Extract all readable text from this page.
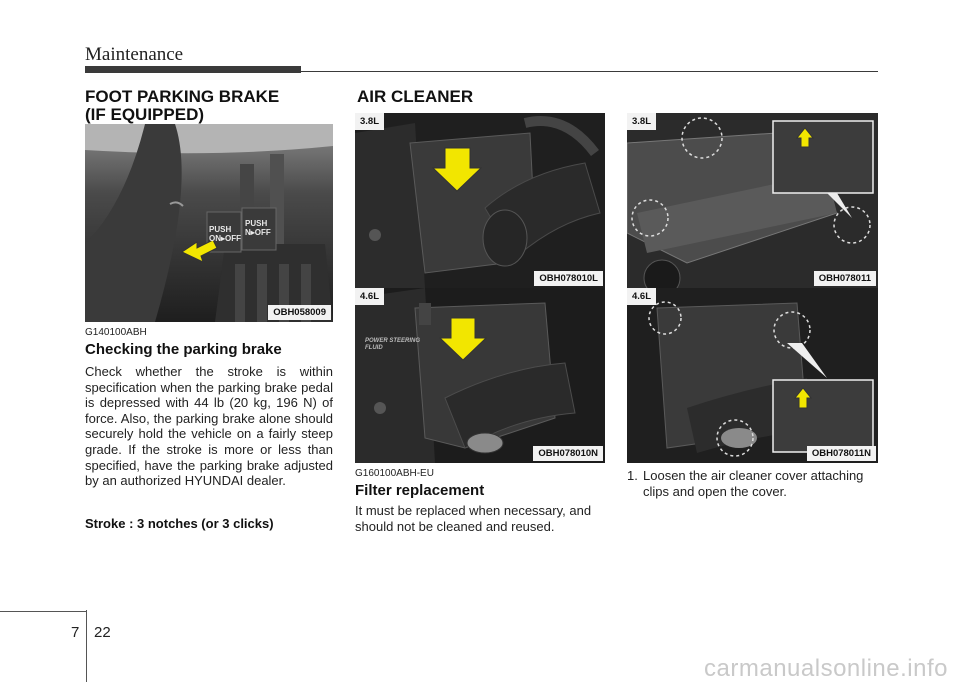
Maintenance
FOOT PARKING BRAKE
(IF EQUIPPED)
PUSH
ON▸OFF
PUSH
N▸OFF
OBH058009
G140100ABH
Checking the parking brake
Check whether the stroke is within specification when the parking brake pedal is depressed with 44 lb (20 kg, 196 N) of force. Also, the parking brake alone should securely hold the vehicle on a fairly steep grade. If the stroke is more or less than specified, have the parking brake adjusted by an authorized HYUNDAI dealer.
Stroke : 3 notches (or 3 clicks)
AIR CLEANER
3.8L
OBH078010L
POWER STEERING FLUID
4.6L
OBH078010N
G160100ABH-EU
Filter replacement
It must be replaced when necessary, and should not be cleaned and reused.
3.8L
OBH078011
4.6L
OBH078011N
1. Loosen the air cleaner cover attaching clips and open the cover.
7 22
carmanualsonline.info
